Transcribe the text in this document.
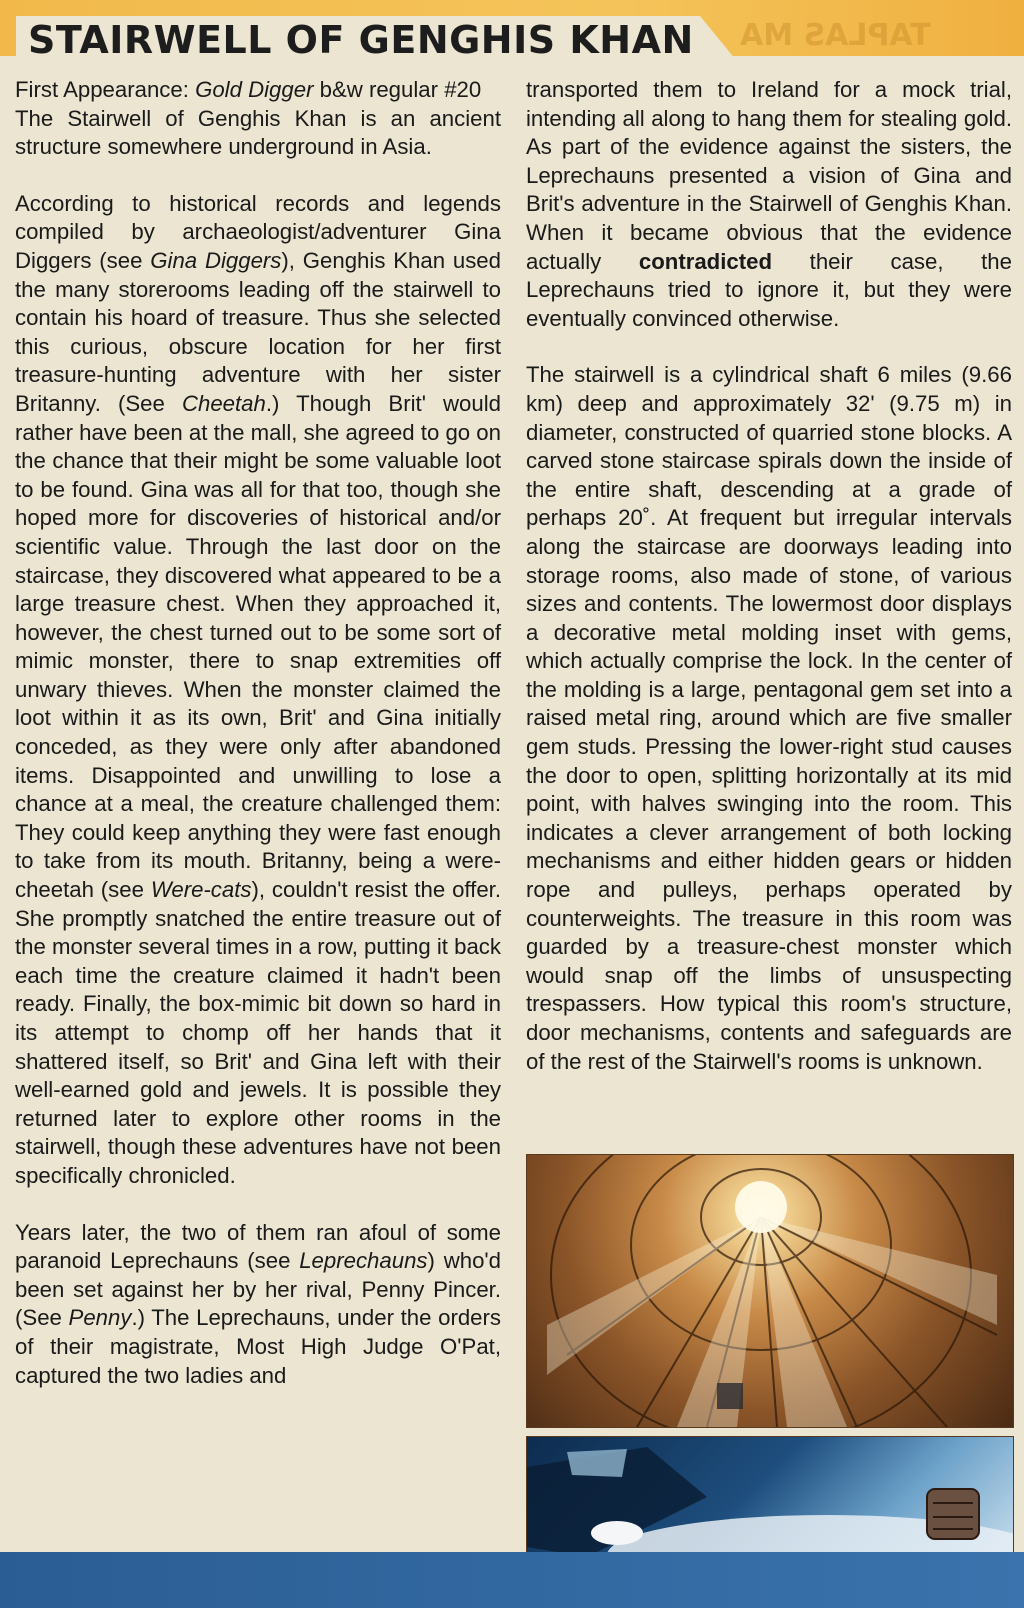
STAIRWELL OF GENGHIS KHAN TAPLAS MA

First Appearance: Gold Digger b&w regular #20

The Stairwell of Genghis Khan is an ancient structure somewhere underground in Asia.

According to historical records and legends compiled by archaeologist/adventurer Gina Diggers (see Gina Diggers), Genghis Khan used the many storerooms leading off the stairwell to contain his hoard of treasure. Thus she selected this curious, obscure location for her first treasure-hunting adventure with her sister Britanny. (See Cheetah.) Though Brit' would rather have been at the mall, she agreed to go on the chance that their might be some valuable loot to be found. Gina was all for that too, though she hoped more for discoveries of historical and/or scientific value. Through the last door on the staircase, they discovered what appeared to be a large treasure chest. When they approached it, however, the chest turned out to be some sort of mimic monster, there to snap extremities off unwary thieves. When the monster claimed the loot within it as its own, Brit' and Gina initially conceded, as they were only after abandoned items. Disappointed and unwilling to lose a chance at a meal, the creature challenged them: They could keep anything they were fast enough to take from its mouth. Britanny, being a were-cheetah (see Were-cats), couldn't resist the offer. She promptly snatched the entire treasure out of the monster several times in a row, putting it back each time the creature claimed it hadn't been ready. Finally, the box-mimic bit down so hard in its attempt to chomp off her hands that it shattered itself, so Brit' and Gina left with their well-earned gold and jewels. It is possible they returned later to explore other rooms in the stairwell, though these adventures have not been specifically chronicled.

Years later, the two of them ran afoul of some paranoid Leprechauns (see Leprechauns) who'd been set against her by her rival, Penny Pincer. (See Penny.) The Leprechauns, under the orders of their magistrate, Most High Judge O'Pat, captured the two ladies and

transported them to Ireland for a mock trial, intending all along to hang them for stealing gold. As part of the evidence against the sisters, the Leprechauns presented a vision of Gina and Brit's adventure in the Stairwell of Genghis Khan. When it became obvious that the evidence actually contradicted their case, the Leprechauns tried to ignore it, but they were eventually convinced otherwise.

The stairwell is a cylindrical shaft 6 miles (9.66 km) deep and approximately 32' (9.75 m) in diameter, constructed of quarried stone blocks. A carved stone staircase spirals down the inside of the entire shaft, descending at a grade of perhaps 20˚. At frequent but irregular intervals along the staircase are doorways leading into storage rooms, also made of stone, of various sizes and contents. The lowermost door displays a decorative metal molding inset with gems, which actually comprise the lock. In the center of the molding is a large, pentagonal gem set into a raised metal ring, around which are five smaller gem studs. Pressing the lower-right stud causes the door to open, splitting horizontally at its mid point, with halves swinging into the room. This indicates a clever arrangement of both locking mechanisms and either hidden gears or hidden rope and pulleys, perhaps operated by counterweights. The treasure in this room was guarded by a treasure-chest monster which would snap off the limbs of unsuspecting trespassers. How typical this room's structure, door mechanisms, contents and safeguards are of the rest of the Stairwell's rooms is unknown.
